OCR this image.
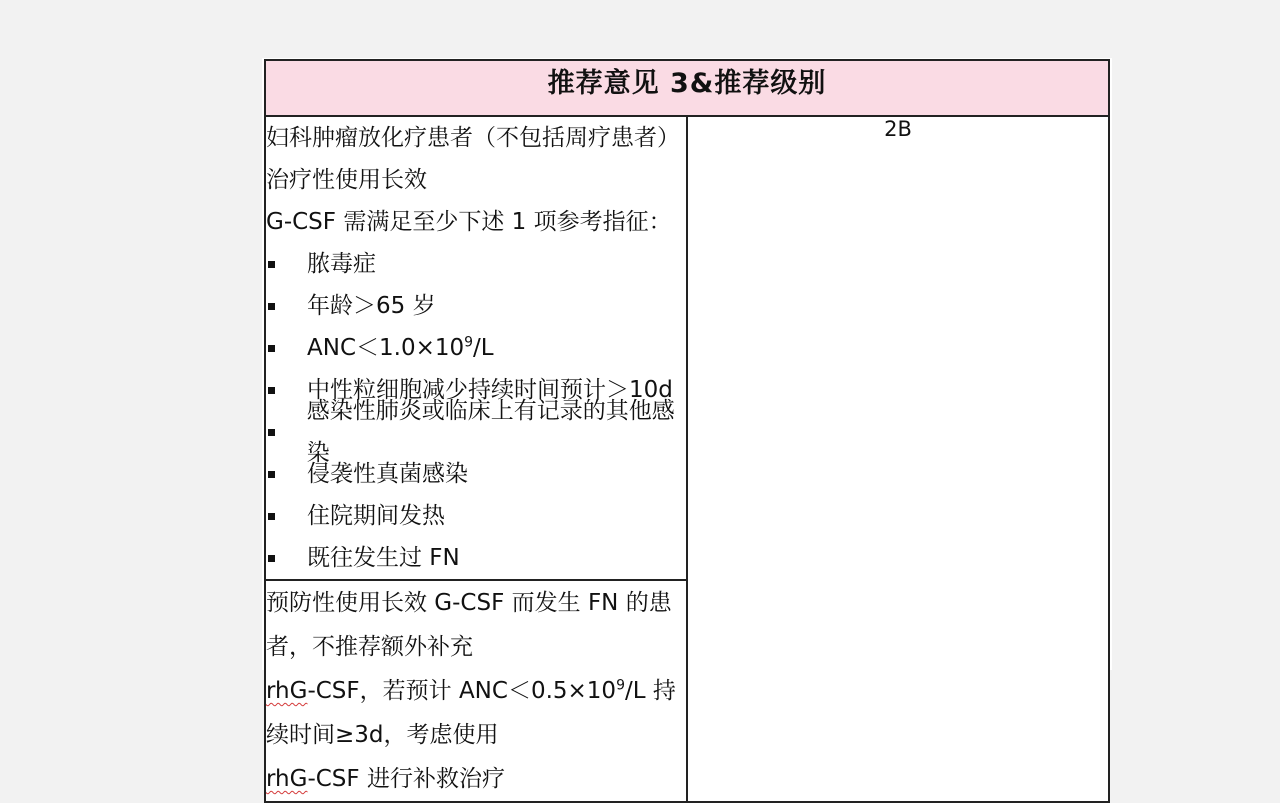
推荐意见 3&推荐级别

妇科肿瘤放化疗患者（不包括周疗患者）治疗性使用长效

G-CSF 需满足至少下述 1 项参考指征：

脓毒症
年龄＞65 岁
$ANC<1.0\times 10^9/L$
中性粒细胞减少持续时间预计＞10d
感染性肺炎或临床上有记录的其他感染
侵袭性真菌感染
住院期间发热
既往发生过 FN
	2B

预防性使用长效 G-CSF 而发生 FN 的患者，不推荐额外补充

rhG-CSF，若预计 $ANC<0.5\times 10^9/L$ 持续时间≥3d，考虑使用

rhG-CSF 进行补救治疗
